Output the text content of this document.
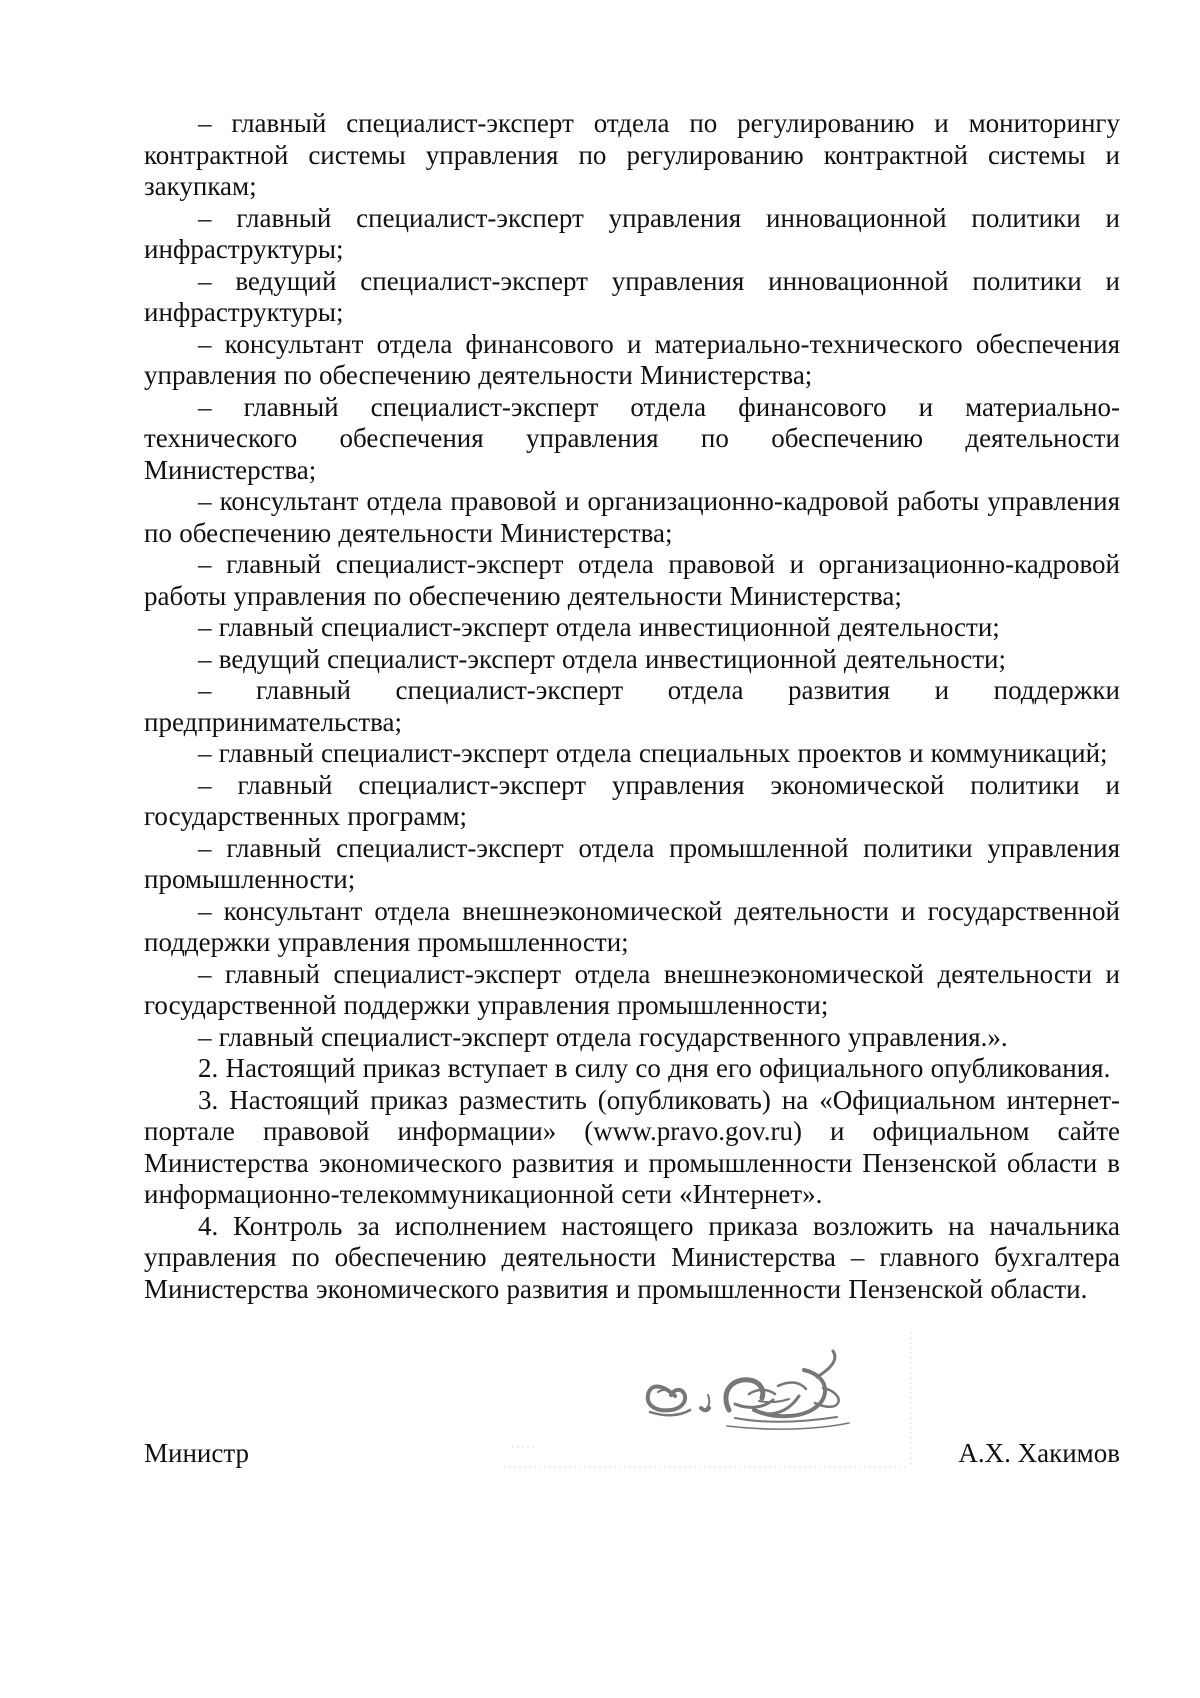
– главный специалист-эксперт отдела по регулированию и мониторингу контрактной системы управления по регулированию контрактной системы и закупкам;

– главный специалист-эксперт управления инновационной политики и инфраструктуры;

– ведущий специалист-эксперт управления инновационной политики и инфраструктуры;

– консультант отдела финансового и материально-технического обеспечения управления по обеспечению деятельности Министерства;

– главный специалист-эксперт отдела финансового и материально-технического обеспечения управления по обеспечению деятельности Министерства;

– консультант отдела правовой и организационно-кадровой работы управления по обеспечению деятельности Министерства;

– главный специалист-эксперт отдела правовой и организационно-кадровой работы управления по обеспечению деятельности Министерства;

– главный специалист-эксперт отдела инвестиционной деятельности;

– ведущий специалист-эксперт отдела инвестиционной деятельности;

– главный специалист-эксперт отдела развития и поддержки предпринимательства;

– главный специалист-эксперт отдела специальных проектов и коммуникаций;

– главный специалист-эксперт управления экономической политики и государственных программ;

– главный специалист-эксперт отдела промышленной политики управления промышленности;

– консультант отдела внешнеэкономической деятельности и государственной поддержки управления промышленности;

– главный специалист-эксперт отдела внешнеэкономической деятельности и государственной поддержки управления промышленности;

– главный специалист-эксперт отдела государственного управления.».

2. Настоящий приказ вступает в силу со дня его официального опубликования.

3. Настоящий приказ разместить (опубликовать) на «Официальном интернет-портале правовой информации» (www.pravo.gov.ru) и официальном сайте Министерства экономического развития и промышленности Пензенской области в информационно-телекоммуникационной сети «Интернет».

4. Контроль за исполнением настоящего приказа возложить на начальника управления по обеспечению деятельности Министерства – главного бухгалтера Министерства экономического развития и промышленности Пензенской области.

Министр	А.Х. Хакимов
